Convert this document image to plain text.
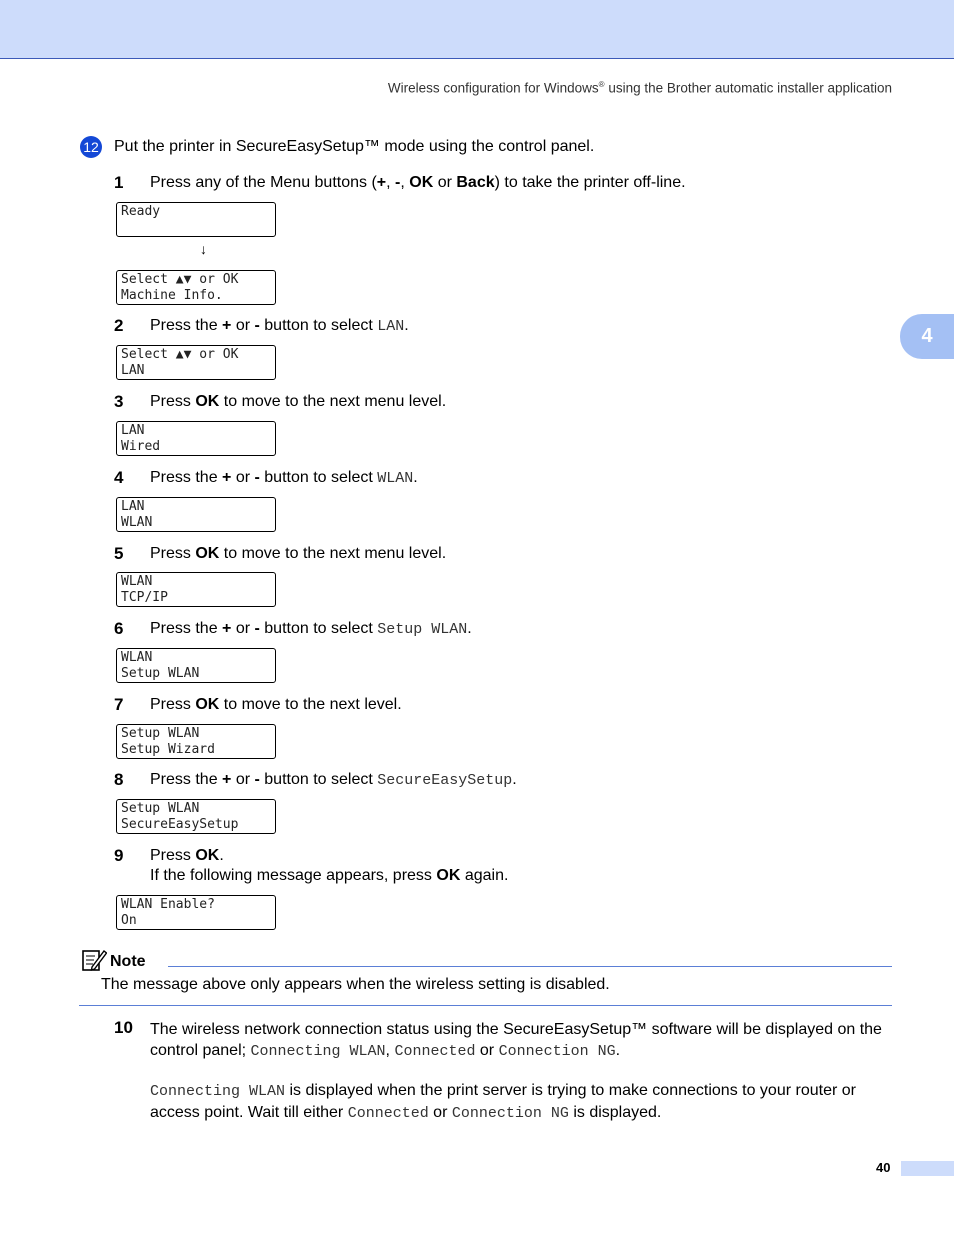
Wireless configuration for Windows® using the Brother automatic installer application
4
12 Put the printer in SecureEasySetup™ mode using the control panel.
1 Press any of the Menu buttons (+, -, OK or Back) to take the printer off-line.
Ready

↓
Select ▲▼ or OK
Machine Info.
2 Press the + or - button to select LAN.
Select ▲▼ or OK
LAN
3 Press OK to move to the next menu level.
LAN
Wired
4 Press the + or - button to select WLAN.
LAN
WLAN
5 Press OK to move to the next menu level.
WLAN
TCP/IP
6 Press the + or - button to select Setup WLAN.
WLAN
Setup WLAN
7 Press OK to move to the next level.
Setup WLAN
Setup Wizard
8 Press the + or - button to select SecureEasySetup.
Setup WLAN
SecureEasySetup
9 Press OK.
If the following message appears, press OK again.
WLAN Enable?
On
Note
The message above only appears when the wireless setting is disabled.
10 The wireless network connection status using the SecureEasySetup™ software will be displayed on the control panel; Connecting WLAN, Connected or Connection NG.
Connecting WLAN is displayed when the print server is trying to make connections to your router or access point. Wait till either Connected or Connection NG is displayed.
40
